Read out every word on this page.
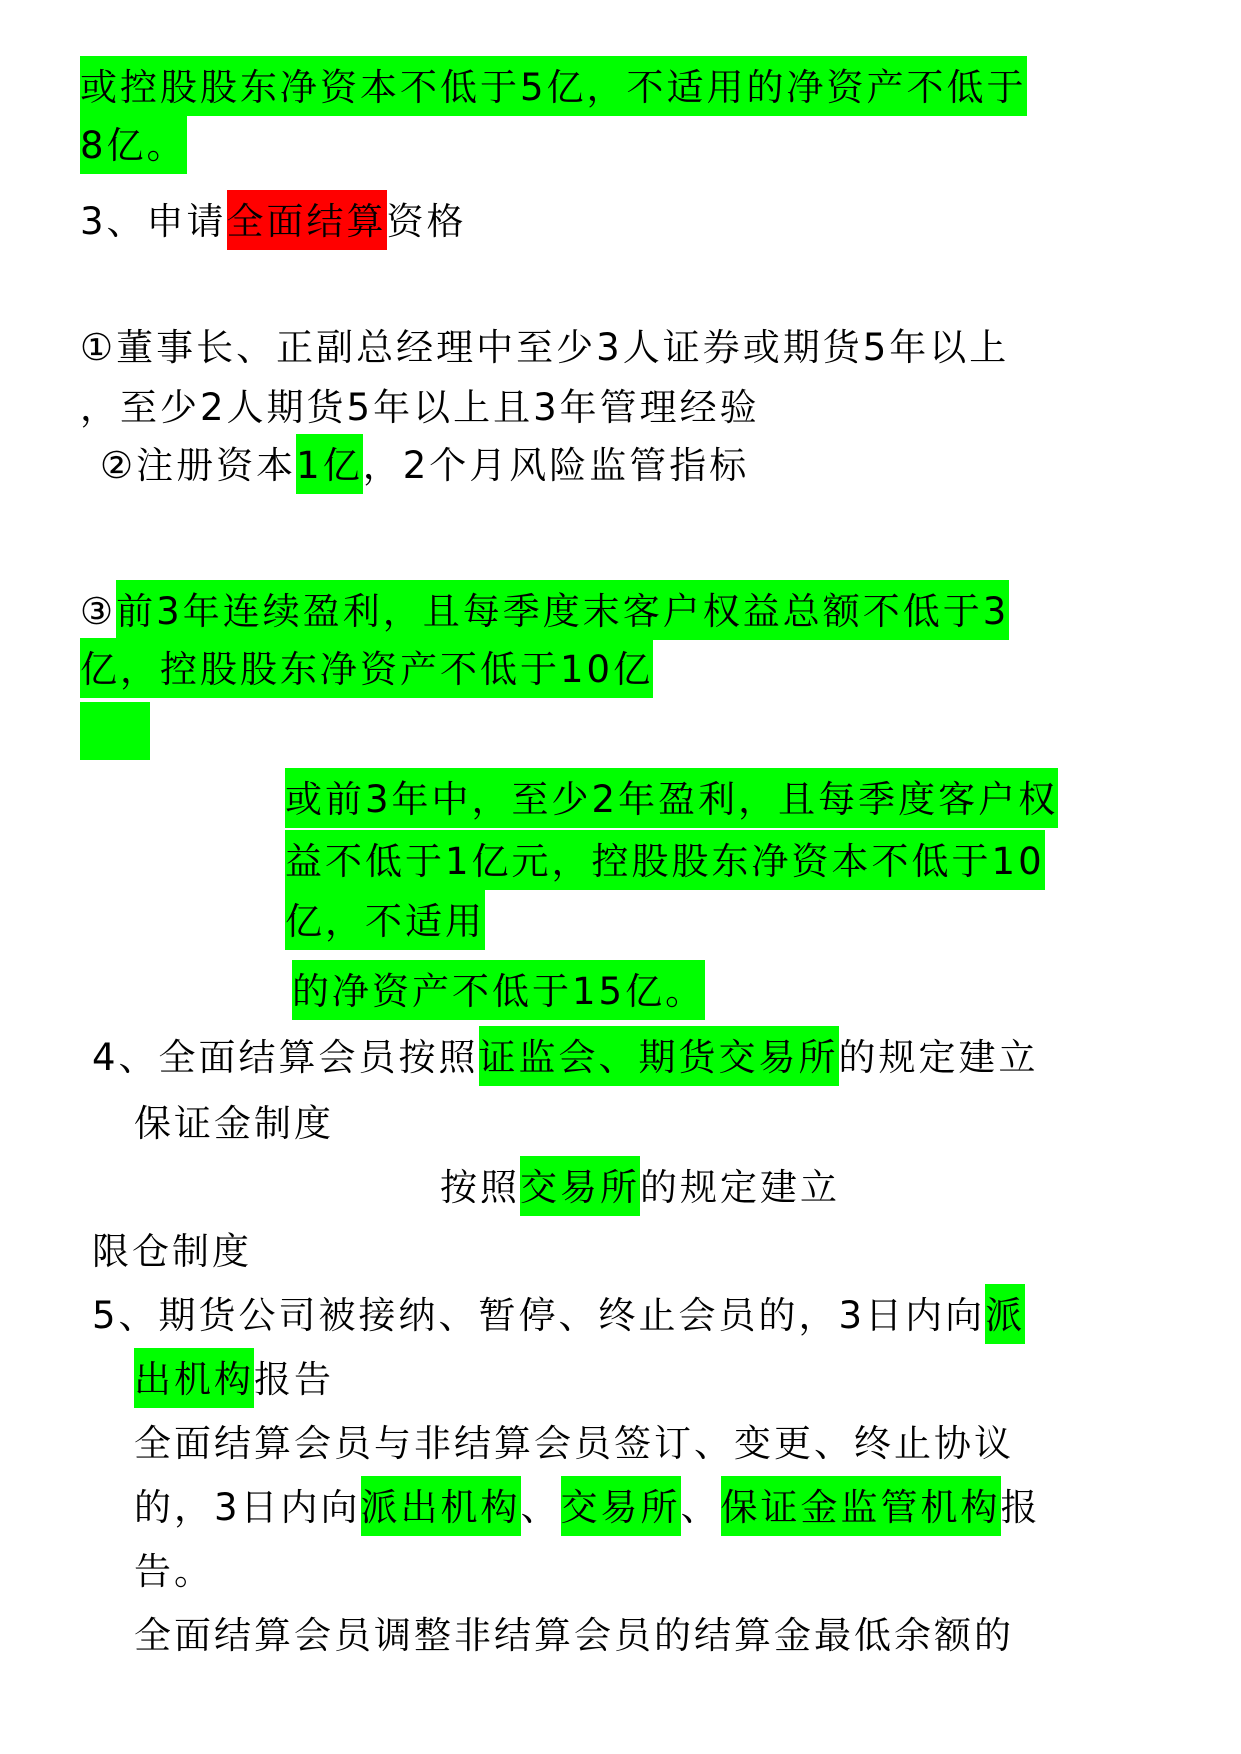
或控股股东净资本不低于5亿，不适用的净资产不低于
8亿。
3、申请全面结算资格
①董事长、正副总经理中至少3人证券或期货5年以上
，至少2人期货5年以上且3年管理经验
②注册资本1亿，2个月风险监管指标
③前3年连续盈利，且每季度末客户权益总额不低于3
亿，控股股东净资产不低于10亿
或前3年中，至少2年盈利，且每季度客户权
益不低于1亿元，控股股东净资本不低于10
亿，不适用
的净资产不低于15亿。
4、全面结算会员按照证监会、期货交易所的规定建立
保证金制度
按照交易所的规定建立
限仓制度
5、期货公司被接纳、暂停、终止会员的，3日内向派
出机构报告
全面结算会员与非结算会员签订、变更、终止协议
的，3日内向派出机构、交易所、保证金监管机构报
告。
全面结算会员调整非结算会员的结算金最低余额的
